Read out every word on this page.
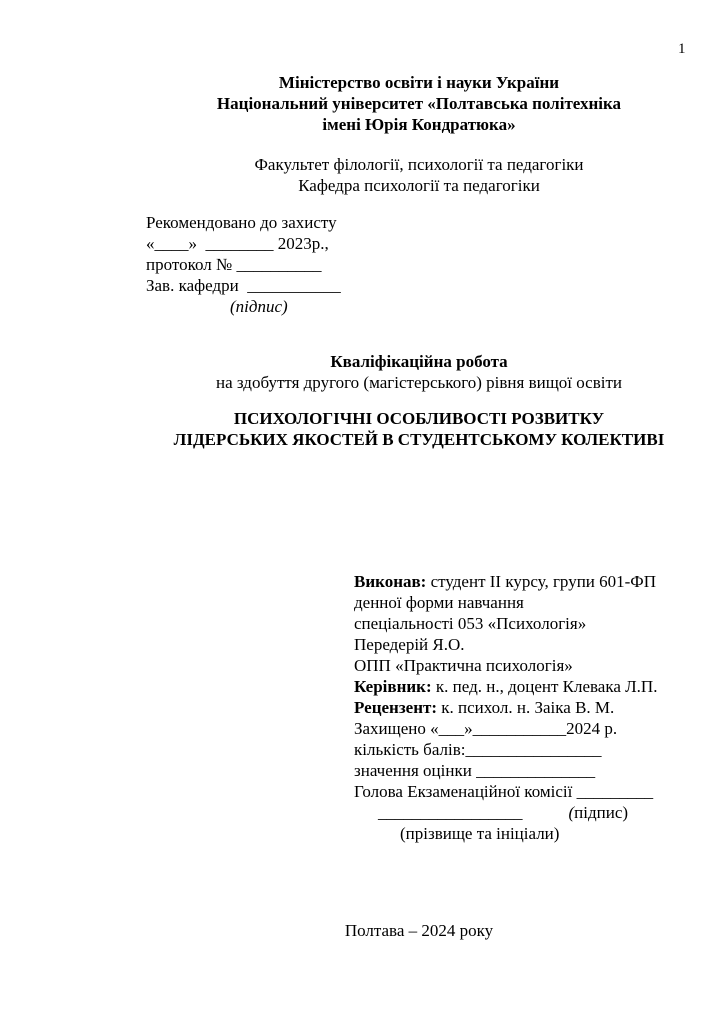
1
Міністерство освіти і науки України
Національний університет «Полтавська політехніка
імені Юрія Кондратюка»
Факультет філології, психології та педагогіки
Кафедра психології та педагогіки
Рекомендовано до захисту
«____»  ________ 2023р.,
протокол № __________
Зав. кафедри  ___________
(підпис)
Кваліфікаційна робота
на здобуття другого (магістерського) рівня вищої освіти
ПСИХОЛОГІЧНІ ОСОБЛИВОСТІ РОЗВИТКУ
ЛІДЕРСЬКИХ ЯКОСТЕЙ В СТУДЕНТСЬКОМУ КОЛЕКТИВІ
Виконав: студент ІІ курсу, групи 601-ФП
денної форми навчання
спеціальності 053 «Психологія»
Передерій Я.О.
ОПП «Практична психологія»
Керівник: к. пед. н., доцент Клевака Л.П.
Рецензент: к. психол. н. Заіка В. М.
Захищено «___»___________2024 р.
кількість балів:________________
значення оцінки ______________
Голова Екзаменаційної комісії _________
_________________	(підпис)
(прізвище та ініціали)
Полтава – 2024 року
